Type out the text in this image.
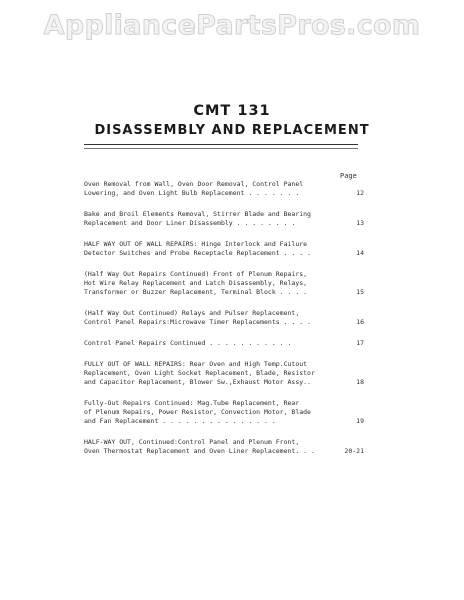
AppliancePartsPros.com
CMT 131
DISASSEMBLY AND REPLACEMENT
Page
Oven Removal from Wall, Oven Door Removal, Control Panel
Lowering, and Oven Light Bulb Replacement . . . . . . .	12
Bake and Broil Elements Removal, Stirrer Blade and Bearing
Replacement and Door Liner Disassembly . . . . . . . .	13
HALF WAY OUT OF WALL REPAIRS: Hinge Interlock and Failure
Detector Switches and Probe Receptacle Replacement . . . .	14
(Half Way Out Repairs Continued) Front of Plenum Repairs,
Hot Wire Relay Replacement and Latch Disassembly, Relays,
Transformer or Buzzer Replacement, Terminal Block . . . .	15
(Half Way Out Continued) Relays and Pulser Replacement,
Control Panel Repairs:Microwave Timer Replacements . . . .	16
Control Panel Repairs Continued . . . . . . . . . . .	17
FULLY OUT OF WALL REPAIRS: Rear Oven and High Temp.Cutout
Replacement, Oven Light Socket Replacement, Blade, Resistor
and Capacitor Replacement, Blower Sw.,Exhaust Motor Assy..	18
Fully-Out Repairs Continued: Mag.Tube Replacement, Rear
of Plenum Repairs, Power Resistor, Convection Motor, Blade
and Fan Replacement . . . . . . . . . . . . . . .	19
HALF-WAY OUT, Continued:Control Panel and Plenum Front,
Oven Thermostat Replacement and Oven Liner Replacement. . .	20-21
